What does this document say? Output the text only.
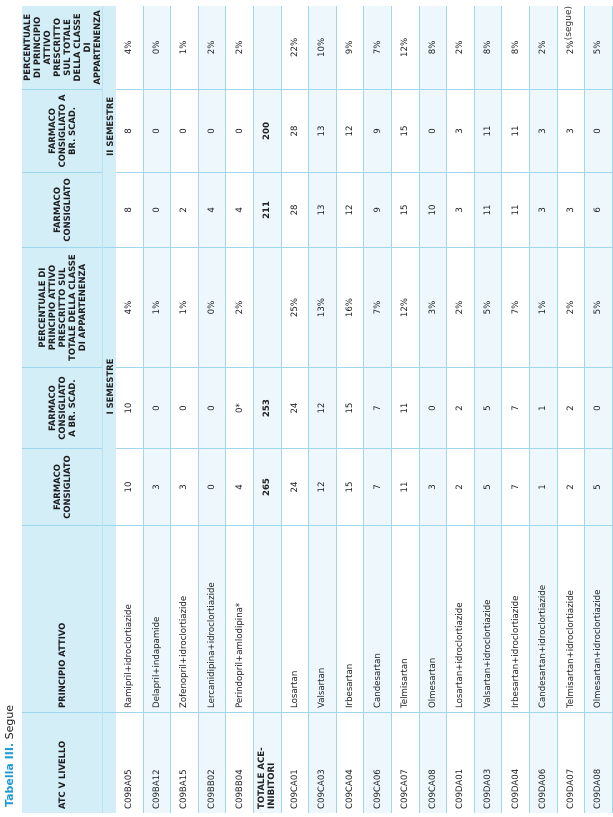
Tabella III. Segue
ATC V LIVELLO	PRINCIPIO ATTIVO	FARMACO CONSIGLIATO	FARMACO CONSIGLIATO A BR. SCAD.	PERCENTUALE DI PRINCIPIO ATTIVO PRESCRITTO SUL TOTALE DELLA CLASSE DI APPARTENENZA	FARMACO CONSIGLIATO	FARMACO CONSIGLIATO A BR. SCAD.	PERCENTUALE DI PRINCIPIO ATTIVO PRESCRITTO SUL TOTALE DELLA CLASSE DI APPARTENENZA
		I SEMESTRE			II SEMESTRE		
C09BA05	Ramipril+idroclortiazide	10	10	4%	8	8	4%
C09BA12	Delapril+indapamide	3	0	1%	0	0	0%
C09BA15	Zofenopril+idroclortiazide	3	0	1%	2	0	1%
C09BB02	Lercanidipina+idroclortiazide	0	0	0%	4	0	2%
C09BB04	Perindopril+amlodipina*	4	0*	2%	4	0	2%
TOTALE ACE-INIBITORI		265	253		211	200	
C09CA01	Losartan	24	24	25%	28	28	22%
C09CA03	Valsartan	12	12	13%	13	13	10%
C09CA04	Irbesartan	15	15	16%	12	12	9%
C09CA06	Candesartan	7	7	7%	9	9	7%
C09CA07	Telmisartan	11	11	12%	15	15	12%
C09CA08	Olmesartan	3	0	3%	10	0	8%
C09DA01	Losartan+idroclortiazide	2	2	2%	3	3	2%
C09DA03	Valsartan+idroclortiazide	5	5	5%	11	11	8%
C09DA04	Irbesartan+idroclortiazide	7	7	7%	11	11	8%
C09DA06	Candesartan+idroclortiazide	1	1	1%	3	3	2%
C09DA07	Telmisartan+idroclortiazide	2	2	2%	3	3	2%
C09DA08	Olmesartan+idroclortiazide	5	0	5%	6	0	5%
(segue)
